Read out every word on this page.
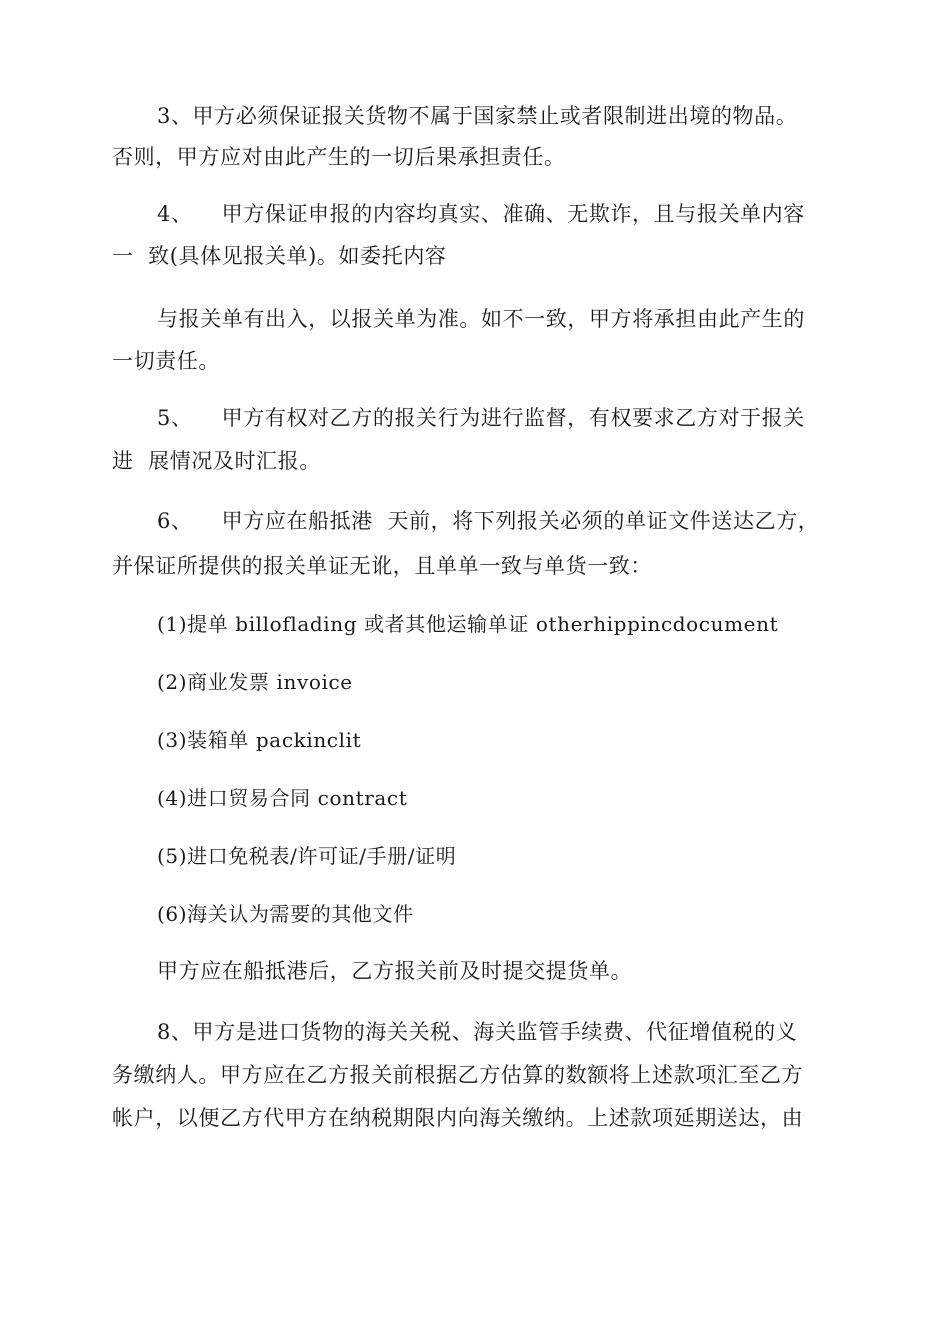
3、甲方必须保证报关货物不属于国家禁止或者限制进出境的物品。
否则，甲方应对由此产生的一切后果承担责任。
4、    甲方保证申报的内容均真实、准确、无欺诈，且与报关单内容
一  致(具体见报关单)。如委托内容
与报关单有出入，以报关单为准。如不一致，甲方将承担由此产生的
一切责任。
5、    甲方有权对乙方的报关行为进行监督，有权要求乙方对于报关
进  展情况及时汇报。
6、    甲方应在船抵港  天前，将下列报关必须的单证文件送达乙方，
并保证所提供的报关单证无讹，且单单一致与单货一致：
(1)提单 billoflading 或者其他运输单证 otherhippincdocument
(2)商业发票 invoice
(3)装箱单 packinclit
(4)进口贸易合同 contract
(5)进口免税表/许可证/手册/证明
(6)海关认为需要的其他文件
甲方应在船抵港后，乙方报关前及时提交提货单。
8、甲方是进口货物的海关关税、海关监管手续费、代征增值税的义
务缴纳人。甲方应在乙方报关前根据乙方估算的数额将上述款项汇至乙方
帐户，以便乙方代甲方在纳税期限内向海关缴纳。上述款项延期送达，由
